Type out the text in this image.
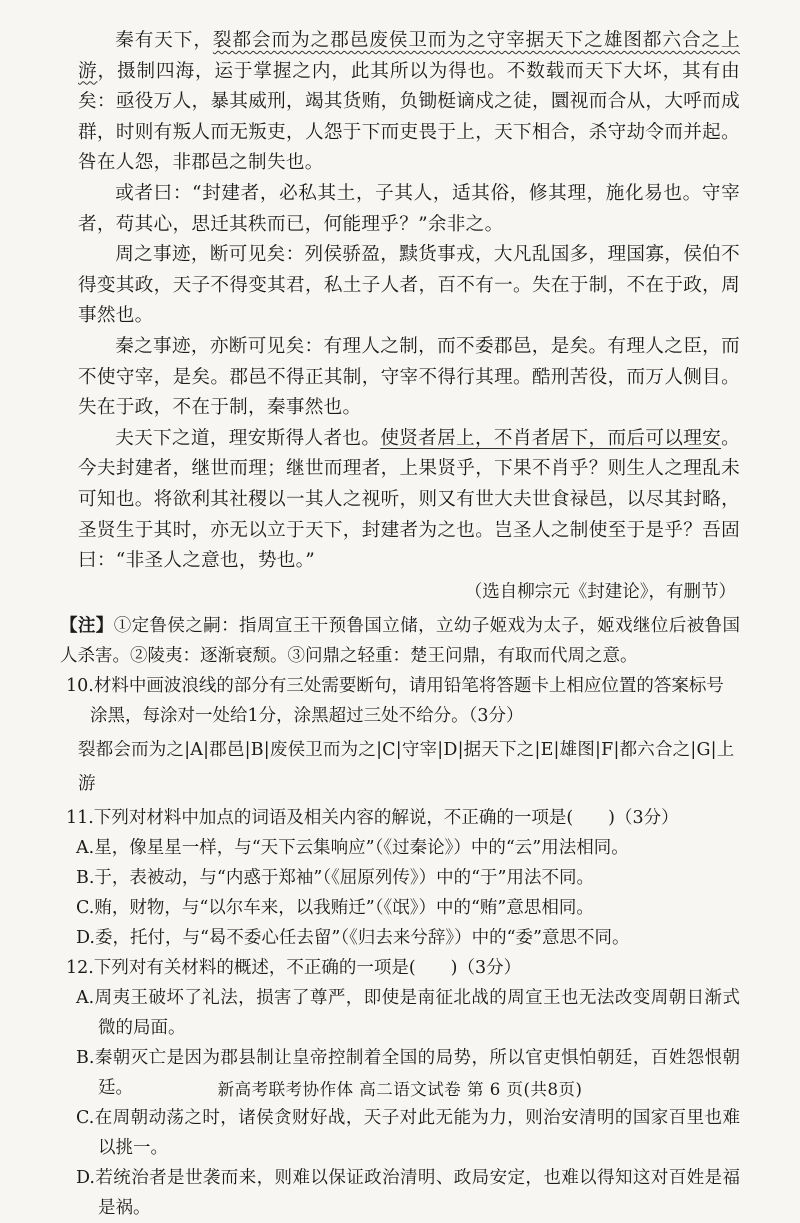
秦有天下，裂都会而为之郡邑废侯卫而为之守宰据天下之雄图都六合之上游，摄制四海，运于掌握之内，此其所以为得也。不数载而天下大坏，其有由矣：亟役万人，暴其威刑，竭其货贿，负锄梃谪戍之徒，圜视而合从，大呼而成群，时则有叛人而无叛吏，人怨于下而吏畏于上，天下相合，杀守劫令而并起。咎在人怨，非郡邑之制失也。

或者曰：“封建者，必私其土，子其人，适其俗，修其理，施化易也。守宰者，苟其心，思迁其秩而已，何能理乎？”余非之。

周之事迹，断可见矣：列侯骄盈，黩货事戎，大凡乱国多，理国寡，侯伯不得变其政，天子不得变其君，私土子人者，百不有一。失在于制，不在于政，周事然也。

秦之事迹，亦断可见矣：有理人之制，而不委郡邑，是矣。有理人之臣，而不使守宰，是矣。郡邑不得正其制，守宰不得行其理。酷刑苦役，而万人侧目。失在于政，不在于制，秦事然也。

夫天下之道，理安斯得人者也。使贤者居上，不肖者居下，而后可以理安。今夫封建者，继世而理；继世而理者，上果贤乎，下果不肖乎？则生人之理乱未可知也。将欲利其社稷以一其人之视听，则又有世大夫世食禄邑，以尽其封略，圣贤生于其时，亦无以立于天下，封建者为之也。岂圣人之制使至于是乎？吾固曰：“非圣人之意也，势也。”

（选自柳宗元《封建论》，有删节）

【注】①定鲁侯之嗣：指周宣王干预鲁国立储，立幼子姬戏为太子，姬戏继位后被鲁国人杀害。②陵夷：逐渐衰颓。③问鼎之轻重：楚王问鼎，有取而代周之意。

10.材料中画波浪线的部分有三处需要断句，请用铅笔将答题卡上相应位置的答案标号涂黑，每涂对一处给1分，涂黑超过三处不给分。（3分）
裂都会而为之|A|郡邑|B|废侯卫而为之|C|守宰|D|据天下之|E|雄图|F|都六合之|G|上游
11.下列对材料中加点的词语及相关内容的解说，不正确的一项是(　　)（3分）

A.星，像星星一样，与“天下云集响应”（《过秦论》）中的“云”用法相同。

B.于，表被动，与“内惑于郑袖”（《屈原列传》）中的“于”用法不同。

C.贿，财物，与“以尔车来，以我贿迁”（《氓》）中的“贿”意思相同。

D.委，托付，与“曷不委心任去留”（《归去来兮辞》）中的“委”意思不同。

12.下列对有关材料的概述，不正确的一项是(　　)（3分）

A.周夷王破坏了礼法，损害了尊严，即使是南征北战的周宣王也无法改变周朝日渐式微的局面。

B.秦朝灭亡是因为郡县制让皇帝控制着全国的局势，所以官吏惧怕朝廷，百姓怨恨朝廷。

C.在周朝动荡之时，诸侯贪财好战，天子对此无能为力，则治安清明的国家百里也难以挑一。

D.若统治者是世袭而来，则难以保证政治清明、政局安定，也难以得知这对百姓是福是祸。

新高考联考协作体 高二语文试卷 第 6 页(共8页)
